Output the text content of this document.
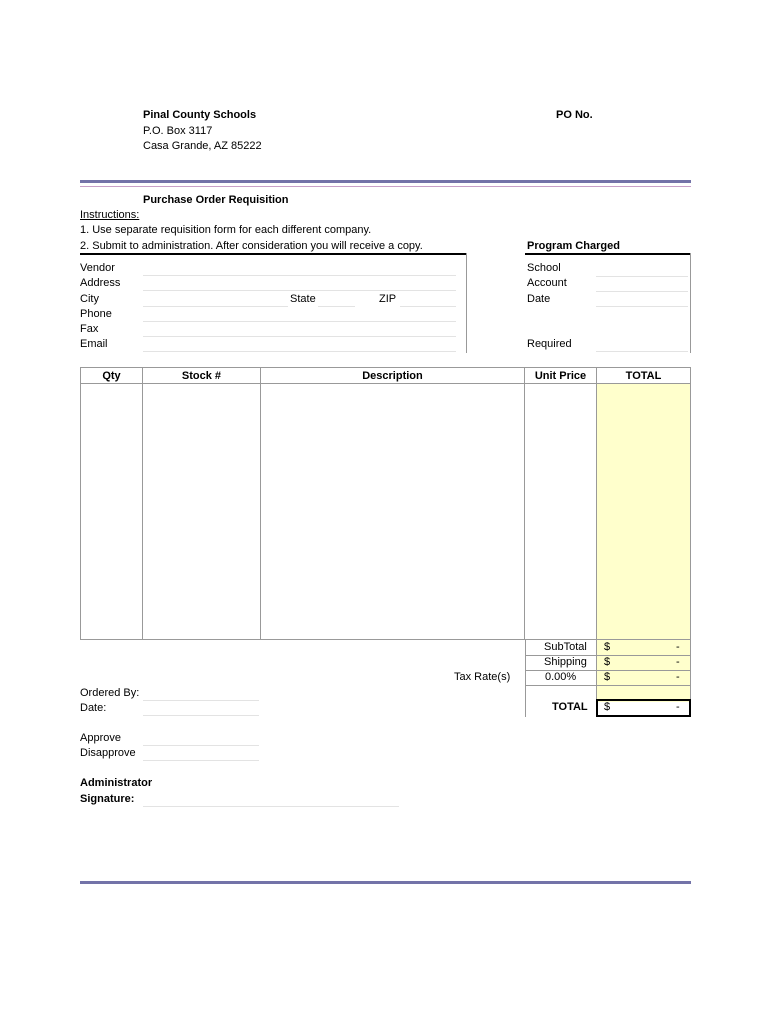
Pinal County Schools
P.O. Box 3117
Casa Grande, AZ 85222
PO No.
Purchase Order Requisition
Instructions:
1. Use separate requisition form for each different company.
2. Submit to administration. After consideration you will receive a copy.
Vendor
Address
City	State	ZIP
Phone
Fax
Email
Program Charged
School
Account
Date
Required
Qty	Stock #	Description	Unit Price	TOTAL

SubTotal $	-
Shipping $	-
Tax Rate(s)	0.00%	$	-
TOTAL $	-
Ordered By:
Date:
Approve
Disapprove
Administrator
Signature:
